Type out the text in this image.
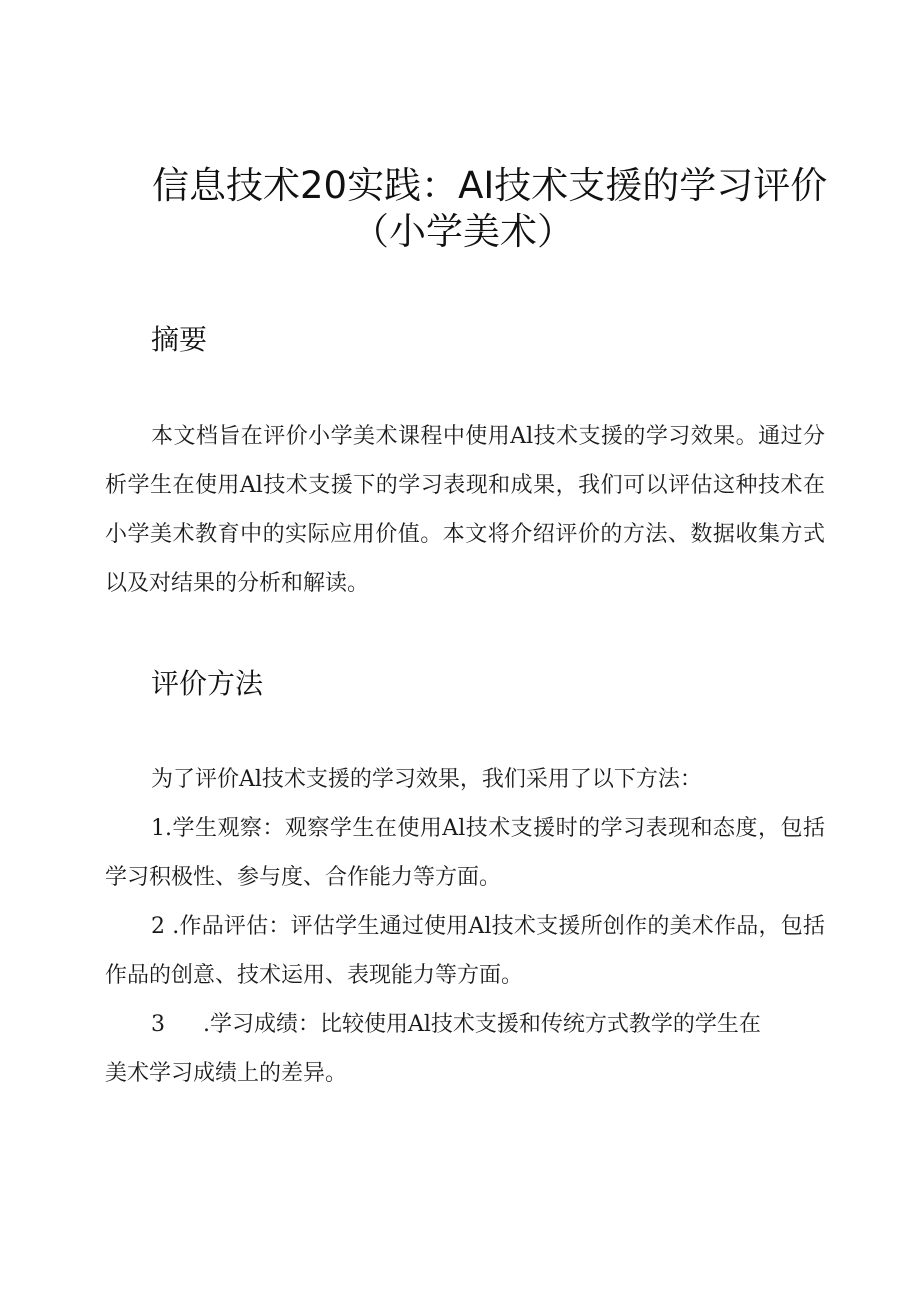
信息技术20实践：AI技术支援的学习评价
（小学美术）
摘要

本文档旨在评价小学美术课程中使用Al技术支援的学习效果。通过分析学生在使用Al技术支援下的学习表现和成果，我们可以评估这种技术在小学美术教育中的实际应用价值。本文将介绍评价的方法、数据收集方式以及对结果的分析和解读。

评价方法

为了评价Al技术支援的学习效果，我们采用了以下方法：

1.学生观察：观察学生在使用Al技术支援时的学习表现和态度，包括学习积极性、参与度、合作能力等方面。

2 .作品评估：评估学生通过使用Al技术支援所创作的美术作品，包括作品的创意、技术运用、表现能力等方面。

3 .学习成绩：比较使用Al技术支援和传统方式教学的学生在
美术学习成绩上的差异。
